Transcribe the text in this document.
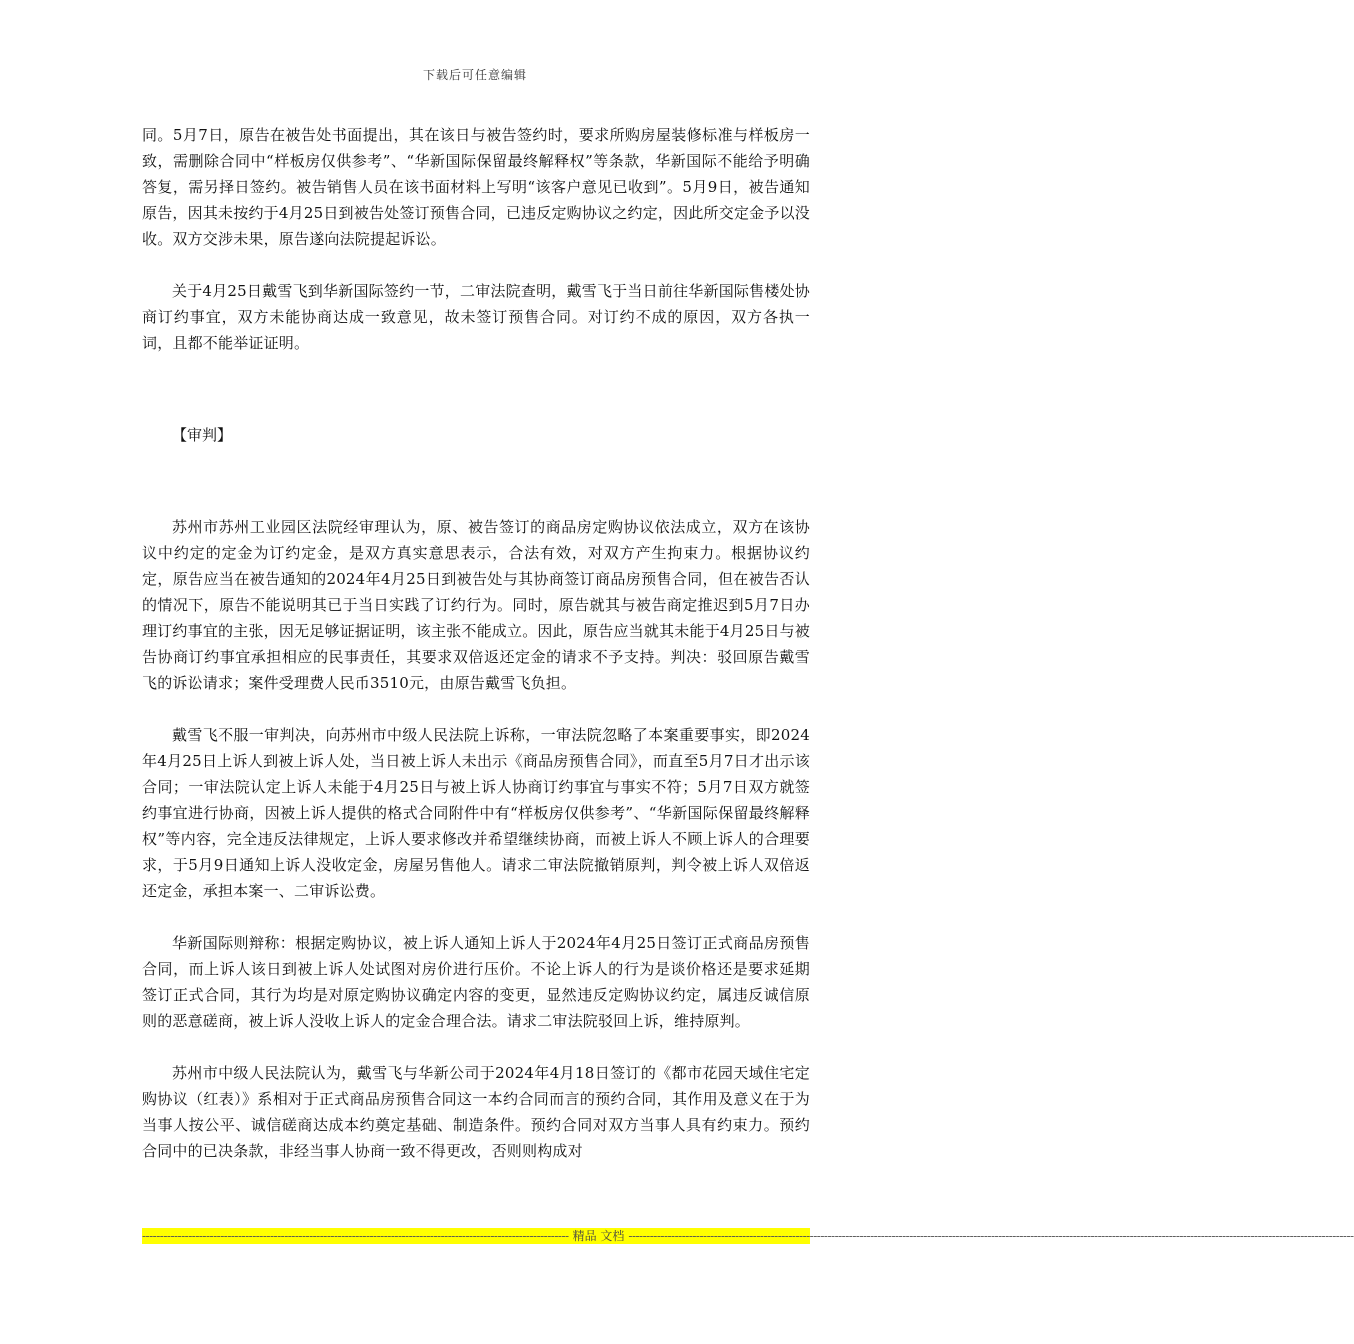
下载后可任意编辑

同。5月7日，原告在被告处书面提出，其在该日与被告签约时，要求所购房屋装修标准与样板房一致，需删除合同中“样板房仅供参考”、“华新国际保留最终解释权”等条款，华新国际不能给予明确答复，需另择日签约。被告销售人员在该书面材料上写明“该客户意见已收到”。5月9日，被告通知原告，因其未按约于4月25日到被告处签订预售合同，已违反定购协议之约定，因此所交定金予以没收。双方交涉未果，原告遂向法院提起诉讼。

关于4月25日戴雪飞到华新国际签约一节，二审法院查明，戴雪飞于当日前往华新国际售楼处协商订约事宜，双方未能协商达成一致意见，故未签订预售合同。对订约不成的原因，双方各执一词，且都不能举证证明。

【审判】

苏州市苏州工业园区法院经审理认为，原、被告签订的商品房定购协议依法成立，双方在该协议中约定的定金为订约定金，是双方真实意思表示，合法有效，对双方产生拘束力。根据协议约定，原告应当在被告通知的2024年4月25日到被告处与其协商签订商品房预售合同，但在被告否认的情况下，原告不能说明其已于当日实践了订约行为。同时，原告就其与被告商定推迟到5月7日办理订约事宜的主张，因无足够证据证明，该主张不能成立。因此，原告应当就其未能于4月25日与被告协商订约事宜承担相应的民事责任，其要求双倍返还定金的请求不予支持。判决：驳回原告戴雪飞的诉讼请求；案件受理费人民币3510元，由原告戴雪飞负担。

戴雪飞不服一审判决，向苏州市中级人民法院上诉称，一审法院忽略了本案重要事实，即2024年4月25日上诉人到被上诉人处，当日被上诉人未出示《商品房预售合同》，而直至5月7日才出示该合同；一审法院认定上诉人未能于4月25日与被上诉人协商订约事宜与事实不符；5月7日双方就签约事宜进行协商，因被上诉人提供的格式合同附件中有“样板房仅供参考”、“华新国际保留最终解释权”等内容，完全违反法律规定，上诉人要求修改并希望继续协商，而被上诉人不顾上诉人的合理要求，于5月9日通知上诉人没收定金，房屋另售他人。请求二审法院撤销原判，判令被上诉人双倍返还定金，承担本案一、二审诉讼费。

华新国际则辩称：根据定购协议，被上诉人通知上诉人于2024年4月25日签订正式商品房预售合同，而上诉人该日到被上诉人处试图对房价进行压价。不论上诉人的行为是谈价格还是要求延期签订正式合同，其行为均是对原定购协议确定内容的变更，显然违反定购协议约定，属违反诚信原则的恶意磋商，被上诉人没收上诉人的定金合理合法。请求二审法院驳回上诉，维持原判。

苏州市中级人民法院认为，戴雪飞与华新公司于2024年4月18日签订的《都市花园天域住宅定购协议（红表）》系相对于正式商品房预售合同这一本约合同而言的预约合同，其作用及意义在于为当事人按公平、诚信磋商达成本约奠定基础、制造条件。预约合同对双方当事人具有约束力。预约合同中的已决条款，非经当事人协商一致不得更改，否则则构成对

------------------------------------------------------------------------------------------------------------------------ 精品 文档 ------------------------------------------------------------------------------------------------------------------------------------------------------------------------------------------------------------
